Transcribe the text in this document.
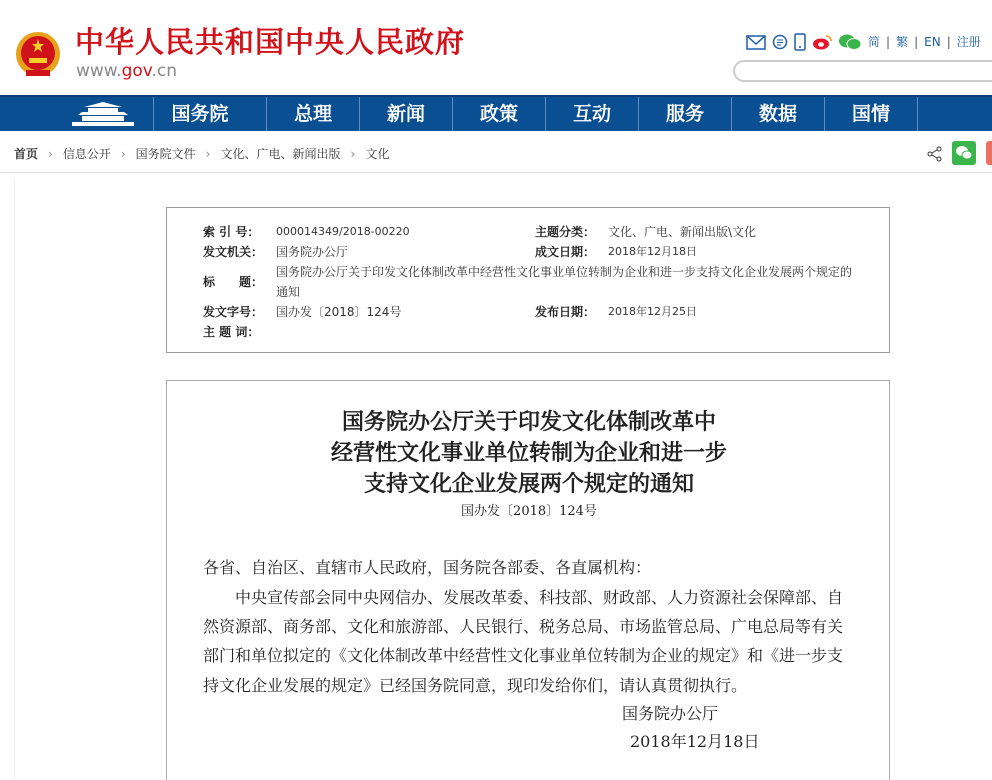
中华人民共和国中央人民政府
www.gov.cn
简 | 繁 | EN | 注册
国务院	总理	新闻	政策	互动	服务	数据	国情
首页 › 信息公开 › 国务院文件 › 文化、广电、新闻出版 › 文化
索 引 号： 000014349/2018-00220	主题分类： 文化、广电、新闻出版\文化
发文机关： 国务院办公厅	成文日期： 2018年12月18日
标　　题：
国务院办公厅关于印发文化体制改革中经营性文化事业单位转制为企业和进一步支持文化企业发展两个规定的
通知
发文字号： 国办发〔2018〕124号	发布日期： 2018年12月25日
主 题 词：
国务院办公厅关于印发文化体制改革中
经营性文化事业单位转制为企业和进一步
支持文化企业发展两个规定的通知
国办发〔2018〕124号
各省、自治区、直辖市人民政府，国务院各部委、各直属机构：
　　中央宣传部会同中央网信办、发展改革委、科技部、财政部、人力资源社会保障部、自
然资源部、商务部、文化和旅游部、人民银行、税务总局、市场监管总局、广电总局等有关
部门和单位拟定的《文化体制改革中经营性文化事业单位转制为企业的规定》和《进一步支
持文化企业发展的规定》已经国务院同意，现印发给你们，请认真贯彻执行。
国务院办公厅
2018年12月18日
